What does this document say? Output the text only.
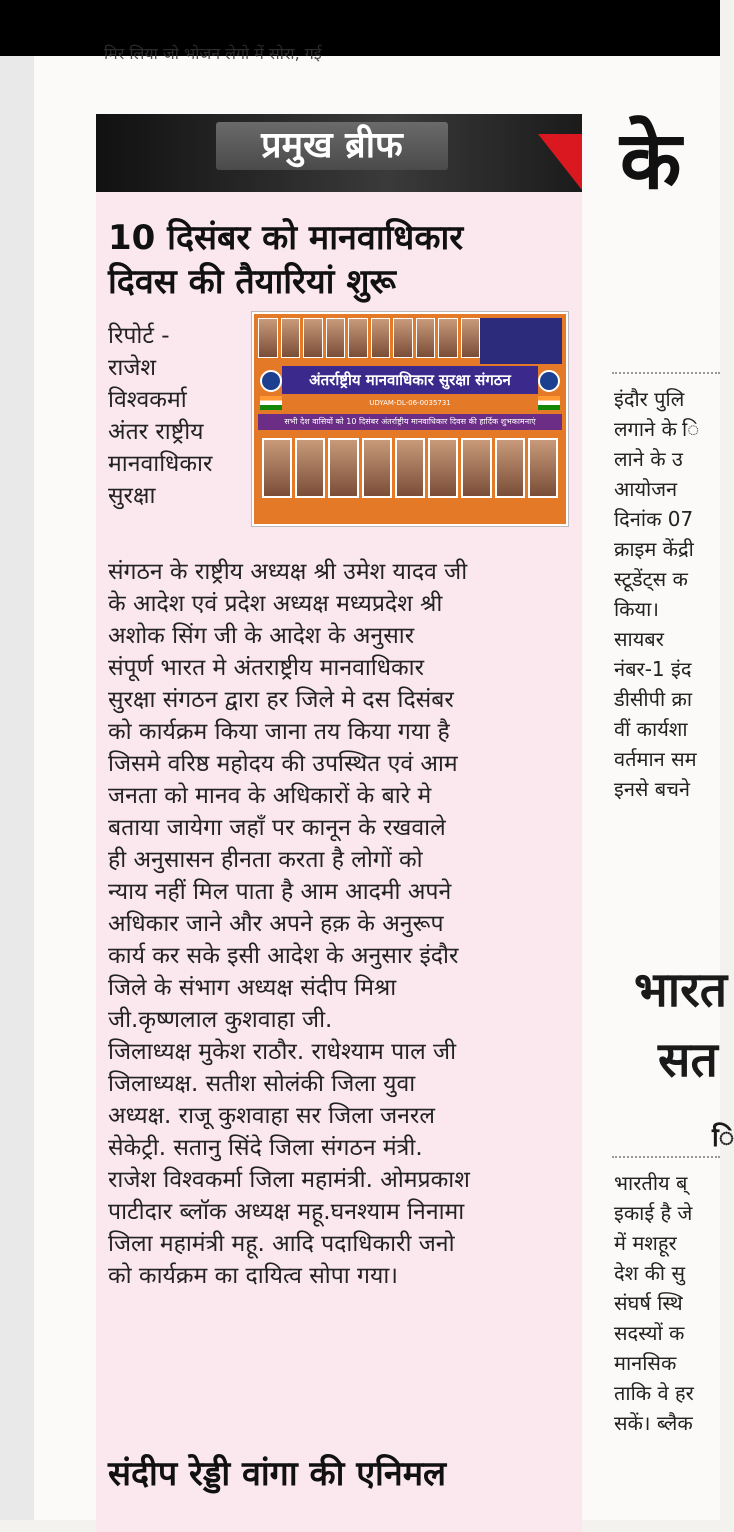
मिर लिया जो भोजन लेगो में सोरा, गई
प्रमुख ब्रीफ
10 दिसंबर को मानवाधिकार
दिवस की तैयारियां शुरू
रिपोर्ट -
राजेश
विश्वकर्मा
अंतर राष्ट्रीय
मानवाधिकार
सुरक्षा
अंतर्राष्ट्रीय मानवाधिकार सुरक्षा संगठन
UDYAM-DL-06-0035731
सभी देश वासियों को 10 दिसंबर अंतर्राष्ट्रीय मानवाधिकार दिवस की हार्दिक शुभकामनाएं
संगठन के राष्ट्रीय अध्यक्ष श्री उमेश यादव जी
के आदेश एवं प्रदेश अध्यक्ष मध्यप्रदेश श्री
अशोक सिंग जी के आदेश के अनुसार
संपूर्ण भारत मे अंतराष्ट्रीय मानवाधिकार
सुरक्षा संगठन द्वारा हर जिले मे दस दिसंबर
को कार्यक्रम किया जाना तय किया गया है
जिसमे वरिष्ठ महोदय की उपस्थित एवं आम
जनता को मानव के अधिकारों के बारे मे
बताया जायेगा जहाँ पर कानून के रखवाले
ही अनुसासन हीनता करता है लोगों को
न्याय नहीं मिल पाता है आम आदमी अपने
अधिकार जाने और अपने हक़ के अनुरूप
कार्य कर सके इसी आदेश के अनुसार इंदौर
जिले के संभाग अध्यक्ष संदीप मिश्रा
जी.कृष्णलाल कुशवाहा जी.
जिलाध्यक्ष मुकेश राठौर. राधेश्याम पाल जी
जिलाध्यक्ष. सतीश सोलंकी जिला युवा
अध्यक्ष. राजू कुशवाहा सर जिला जनरल
सेकेट्री. सतानु सिंदे जिला संगठन मंत्री.
राजेश विश्वकर्मा जिला महामंत्री. ओमप्रकाश
पाटीदार ब्लॉक अध्यक्ष महू.घनश्याम निनामा
जिला महामंत्री महू. आदि पदाधिकारी जनो
को कार्यक्रम का दायित्व सोपा गया।
संदीप रेड्डी वांगा की एनिमल
के
इंदौर पुलि
लगाने के ि
लाने के उ
आयोजन
दिनांक 07
क्राइम केंद्री
स्टूडेंट्स क
किया।
सायबर
नंबर-1 इंद
डीसीपी क्रा
वीं कार्यशा
वर्तमान सम
इनसे बचने
भारत
सत
ि
भारतीय ब्
इकाई है जे
में मशहूर
देश की सु
संघर्ष स्थि
सदस्यों क
मानसिक
ताकि वे हर
सकें। ब्लैक
